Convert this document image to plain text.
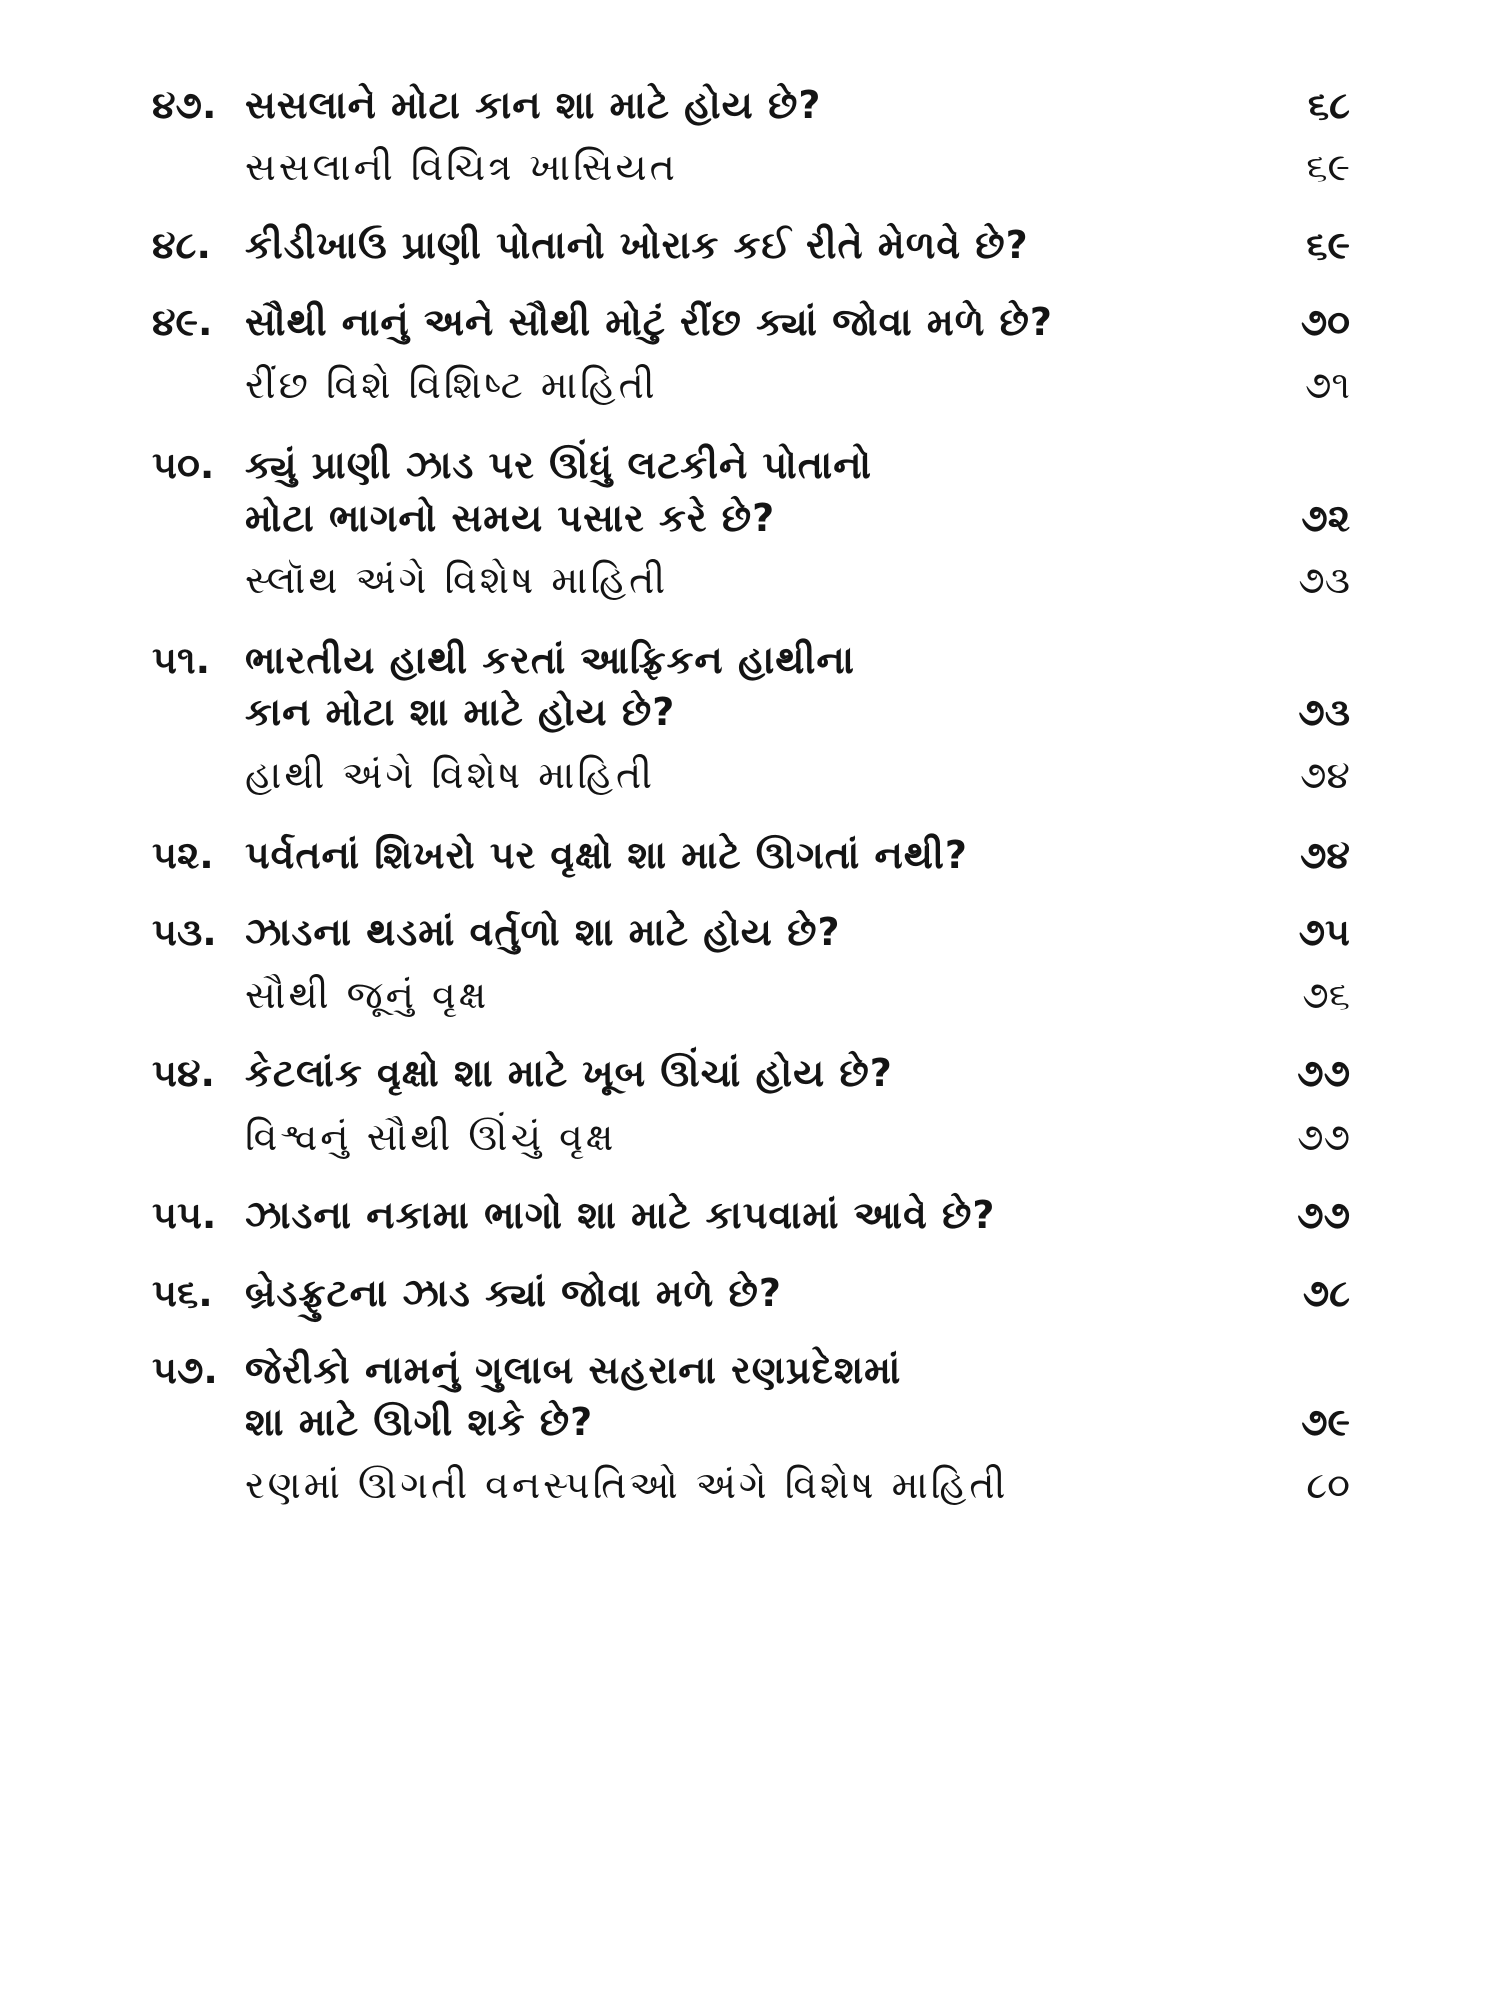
૪૭. સસલાને મોટા કાન શા માટે હોય છે?	૬૮
સસલાની વિચિત્ર ખાસિયત	૬૯
૪૮. કીડીખાઉ પ્રાણી પોતાનો ખોરાક કઈ રીતે મેળવે છે?	૬૯
૪૯. સૌથી નાનું અને સૌથી મોટું રીંછ ક્યાં જોવા મળે છે?	૭૦
રીંછ વિશે વિશિષ્ટ માહિતી	૭૧
૫૦. ક્યું પ્રાણી ઝાડ પર ઊંધું લટકીને પોતાનો
મોટા ભાગનો સમય પસાર કરે છે?	૭૨
સ્લૉથ અંગે વિશેષ માહિતી	૭૩
૫૧. ભારતીય હાથી કરતાં આફ્રિકન હાથીના
કાન મોટા શા માટે હોય છે?	૭૩
હાથી અંગે વિશેષ માહિતી	૭૪
૫૨. પર્વતનાં શિખરો પર વૃક્ષો શા માટે ઊગતાં નથી?	૭૪
૫૩. ઝાડના થડમાં વર્તુળો શા માટે હોય છે?	૭૫
સૌથી જૂનું વૃક્ષ	૭૬
૫૪. કેટલાંક વૃક્ષો શા માટે ખૂબ ઊંચાં હોય છે?	૭૭
વિશ્વનું સૌથી ઊંચું વૃક્ષ	૭૭
૫૫. ઝાડના નકામા ભાગો શા માટે કાપવામાં આવે છે?	૭૭
૫૬. બ્રેડફ્રુટના ઝાડ ક્યાં જોવા મળે છે?	૭૮
૫૭. જેરીકો નામનું ગુલાબ સહરાના રણપ્રદેશમાં
શા માટે ઊગી શકે છે?	૭૯
રણમાં ઊગતી વનસ્પતિઓ અંગે વિશેષ માહિતી	૮૦
